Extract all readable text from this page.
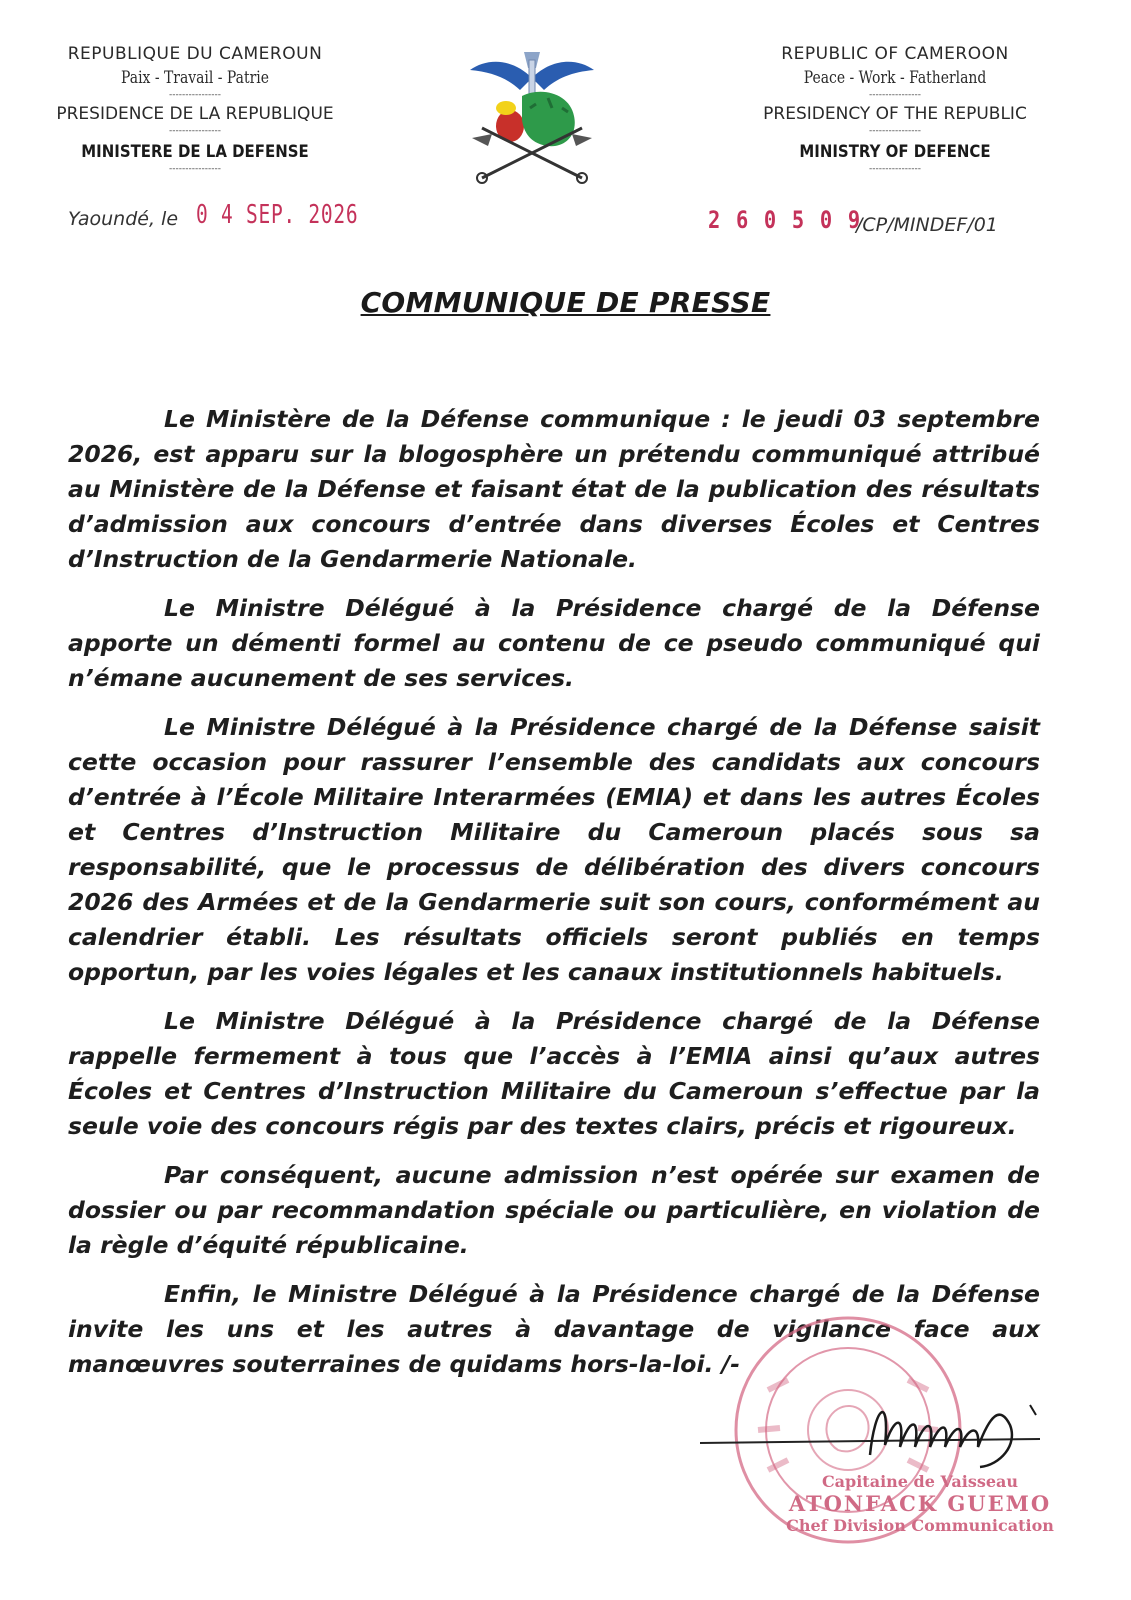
REPUBLIQUE DU CAMEROUN
Paix - Travail - Patrie
----------------
PRESIDENCE DE LA REPUBLIQUE
----------------
MINISTERE DE LA DEFENSE
----------------
REPUBLIC OF CAMEROON
Peace - Work - Fatherland
----------------
PRESIDENCY OF THE REPUBLIC
----------------
MINISTRY OF DEFENCE
----------------
Yaoundé, le 0 4 SEP. 2026	2 6 0 5 0 9
/CP/MINDEF/01
COMMUNIQUE DE PRESSE

Le Ministère de la Défense communique : le jeudi 03 septembre 2026, est apparu sur la blogosphère un prétendu communiqué attribué au Ministère de la Défense et faisant état de la publication des résultats d’admission aux concours d’entrée dans diverses Écoles et Centres d’Instruction de la Gendarmerie Nationale.

Le Ministre Délégué à la Présidence chargé de la Défense apporte un démenti formel au contenu de ce pseudo communiqué qui n’émane aucunement de ses services.

Le Ministre Délégué à la Présidence chargé de la Défense saisit cette occasion pour rassurer l’ensemble des candidats aux concours d’entrée à l’École Militaire Interarmées (EMIA) et dans les autres Écoles et Centres d’Instruction Militaire du Cameroun placés sous sa responsabilité, que le processus de délibération des divers concours 2026 des Armées et de la Gendarmerie suit son cours, conformément au calendrier établi. Les résultats officiels seront publiés en temps opportun, par les voies légales et les canaux institutionnels habituels.

Le Ministre Délégué à la Présidence chargé de la Défense rappelle fermement à tous que l’accès à l’EMIA ainsi qu’aux autres Écoles et Centres d’Instruction Militaire du Cameroun s’effectue par la seule voie des concours régis par des textes clairs, précis et rigoureux.

Par conséquent, aucune admission n’est opérée sur examen de dossier ou par recommandation spéciale ou particulière, en violation de la règle d’équité républicaine.

Enfin, le Ministre Délégué à la Présidence chargé de la Défense invite les uns et les autres à davantage de vigilance face aux manœuvres souterraines de quidams hors-la-loi. /-

Capitaine de Vaisseau
ATONFACK GUEMO
Chef Division Communication
